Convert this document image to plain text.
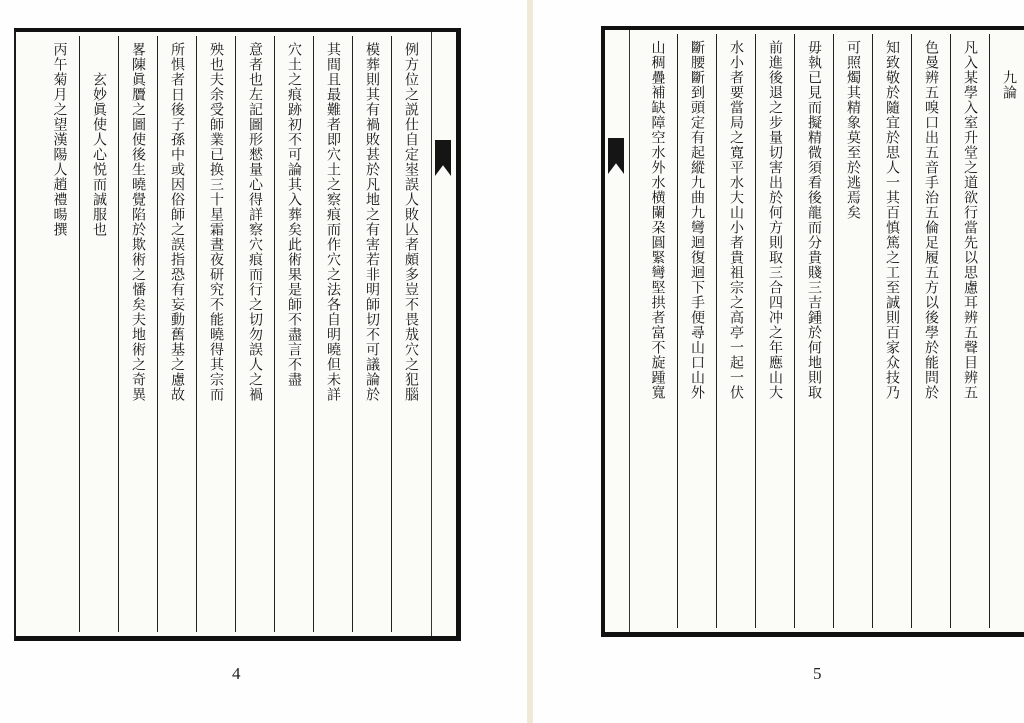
例方位之説仕自定埊誤人敗亾者頗多豈不畏㦲穴之犯腦
模葬則其有禍敗甚於凡地之有害若非明師切不可議論於
其間且最難者即穴土之察痕而作穴之法各自明曉但未詳
穴土之痕跡初不可論其入葬矣此術果是師不盡言不盡
意者也左記圖形憖量心得詳察穴痕而行之切勿誤人之禍
殃也夫余受師業已换三十星霜晝夜研究不能曉得其宗而
所惧者日後子孫中或因俗師之誤指恐有妄動舊基之慮故
畧陳眞贗之圖使後生曉覺陷於欺術之憣矣夫地術之奇異
玄妙眞使人心悦而誠服也
丙午菊月之望漢陽人趙禮暘撰
4
九論
凡入某學入室升堂之道欲行當先以思慮耳辨五聲目辨五
色曼辨五嗅口出五音手治五倫足履五方以後學於能問於
知致敬於隨宜於思人一其百慎篤之工至誠則百家众技乃
可照燭其精象莫至於逃焉矣
毋執已見而擬精微須看後龍而分貴賤三吉鍾於何地則取
前進後退之步量切害出於何方則取三合四冲之年應山大
水小者要當局之寛平水大山小者貴祖宗之高亭一起一伏
斷腰斷到頭定有起縱九曲九彎迴復迴下手便尋山口山外
山稠疊補缺障空水外水横闌朶圓緊彎堅拱者富不旋踵寬
5
